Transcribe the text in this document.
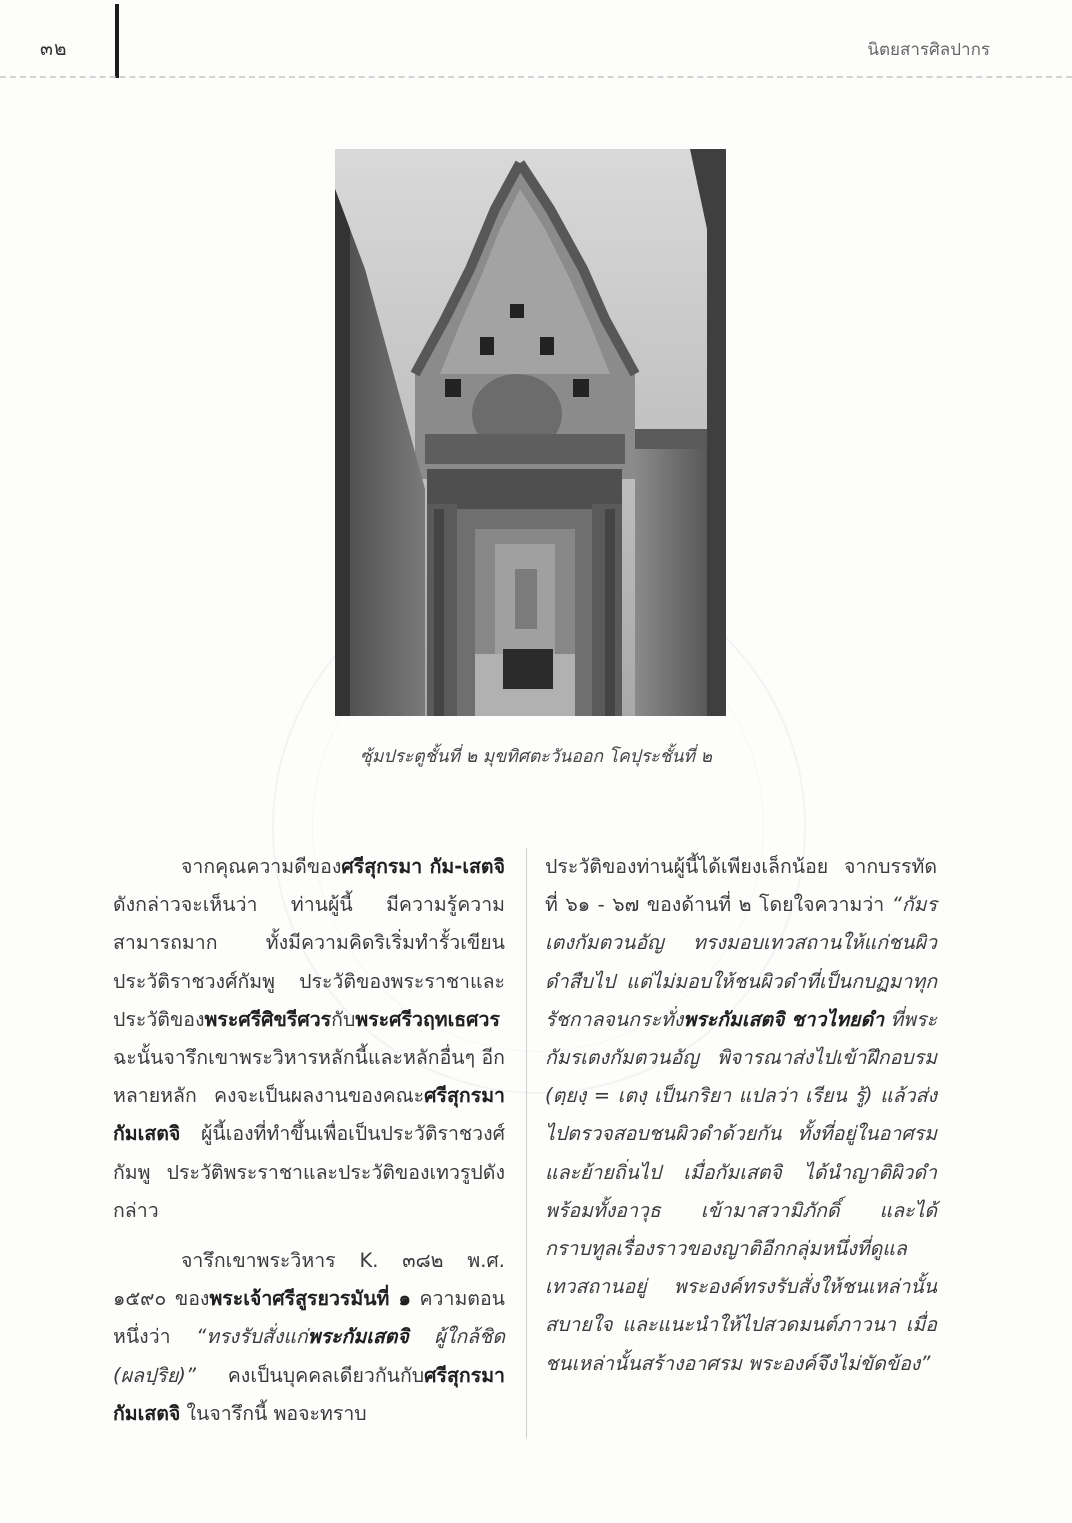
๓๒	นิตยสารศิลปากร
ซุ้มประตูชั้นที่ ๒ มุขทิศตะวันออก โคปุระชั้นที่ ๒

จากคุณความดีของศรีสุกรมา กัม-เสตจิ ดังกล่าวจะเห็นว่า ท่านผู้นี้ มีความรู้ความสามารถมาก ทั้งมีความคิดริเริ่มทำรั้วเขียนประวัติราชวงศ์กัมพู ประวัติของพระราชาและประวัติของพระศรีศิขรีศวรกับพระศรีวฤทเธศวร ฉะนั้นจารึกเขาพระวิหารหลักนี้และหลักอื่นๆ อีกหลายหลัก คงจะเป็นผลงานของคณะศรีสุกรมา กัมเสตจิ ผู้นี้เองที่ทำขึ้นเพื่อเป็นประวัติราชวงศ์กัมพู ประวัติพระราชาและประวัติของเทวรูปดังกล่าว

จารึกเขาพระวิหาร K. ๓๘๒ พ.ศ. ๑๕๙๐ ของพระเจ้าศรีสูรยวรมันที่ ๑ ความตอนหนึ่งว่า “ทรงรับสั่งแก่พระกัมเสตจิ ผู้ใกล้ชิด (ผลปฺริย)” คงเป็นบุคคลเดียวกันกับศรีสุกรมา กัมเสตจิ ในจารึกนี้ พอจะทราบ

ประวัติของท่านผู้นี้ได้เพียงเล็กน้อย จากบรรทัดที่ ๖๑ - ๖๗ ของด้านที่ ๒ โดยใจความว่า “กัมรเตงกัมตวนอัญ ทรงมอบเทวสถานให้แก่ชนผิวดำสืบไป แต่ไม่มอบให้ชนผิวดำที่เป็นกบฏมาทุกรัชกาลจนกระทั่งพระกัมเสตจิ ชาวไทยดำ ที่พระกัมรเตงกัมตวนอัญ พิจารณาส่งไปเข้าฝึกอบรม (ตฺยงฺ = เตงฺ เป็นกริยา แปลว่า เรียน รู้) แล้วส่งไปตรวจสอบชนผิวดำด้วยกัน ทั้งที่อยู่ในอาศรมและย้ายถิ่นไป เมื่อกัมเสตจิ ได้นำญาติผิวดำพร้อมทั้งอาวุธ เข้ามาสวามิภักดิ์ และได้กราบทูลเรื่องราวของญาติอีกกลุ่มหนึ่งที่ดูแลเทวสถานอยู่ พระองค์ทรงรับสั่งให้ชนเหล่านั้นสบายใจ และแนะนำให้ไปสวดมนต์ภาวนา เมื่อชนเหล่านั้นสร้างอาศรม พระองค์จึงไม่ขัดข้อง”
